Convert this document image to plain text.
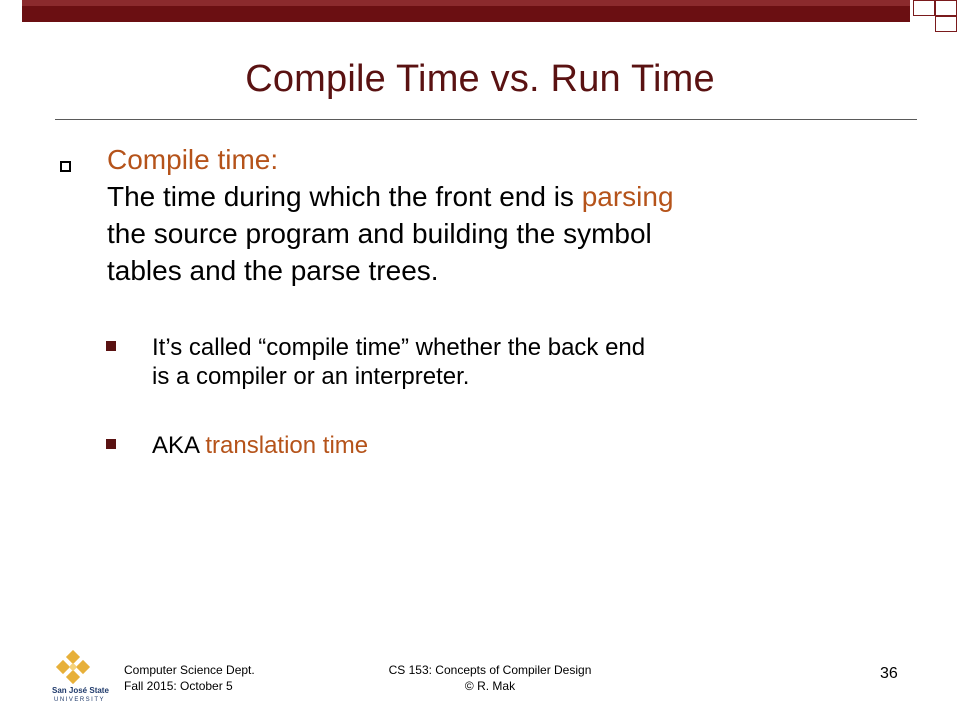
Compile Time vs. Run Time
Compile time:
The time during which the front end is parsing
the source program and building the symbol
tables and the parse trees.
It’s called “compile time” whether the back end
is a compiler or an interpreter.
AKA translation time
San José State
UNIVERSITY
Computer Science Dept.
Fall 2015: October 5
CS 153: Concepts of Compiler Design
© R. Mak
36
